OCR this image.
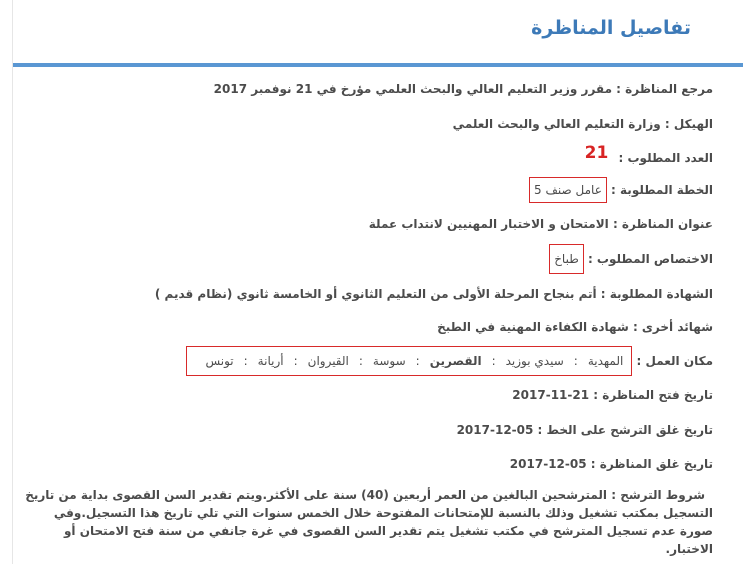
تفاصيل المناظرة
مرجع المناظرة : مقرر وزير التعليم العالي والبحث العلمي مؤرخ في 21 نوفمبر 2017
الهيكل : وزارة التعليم العالي والبحث العلمي
العدد المطلوب : 21
الخطة المطلوبة : عامل صنف 5
عنوان المناظرة : الامتحان و الاختبار المهنيين لانتداب عملة
الاختصاص المطلوب : طباخ
الشهادة المطلوبة : أتم بنجاح المرحلة الأولى من التعليم الثانوي أو الخامسة ثانوي (نظام قديم )
شهائد أخرى : شهادة الكفاءة المهنية في الطبخ
مكان العمل : المهدية:سيدي بوزيد:القصرين:سوسة:القيروان:أريانة:تونس
تاريخ فتح المناظرة : 21-11-2017
تاريخ غلق الترشح على الخط : 05-12-2017
تاريخ غلق المناظرة : 05-12-2017
شروط الترشح : المترشحين البالغين من العمر أربعين (40) سنة على الأكثر.ويتم تقدير السن القصوى بداية من تاريخ التسجيل بمكتب تشغيل وذلك بالنسبة للإمتحانات المفتوحة خلال الخمس سنوات التي تلي تاريخ هذا التسجيل.وفي صورة عدم تسجيل المترشح في مكتب تشغيل يتم تقدير السن القصوى في غرة جانفي من سنة فتح الامتحان أو الاختبار.
